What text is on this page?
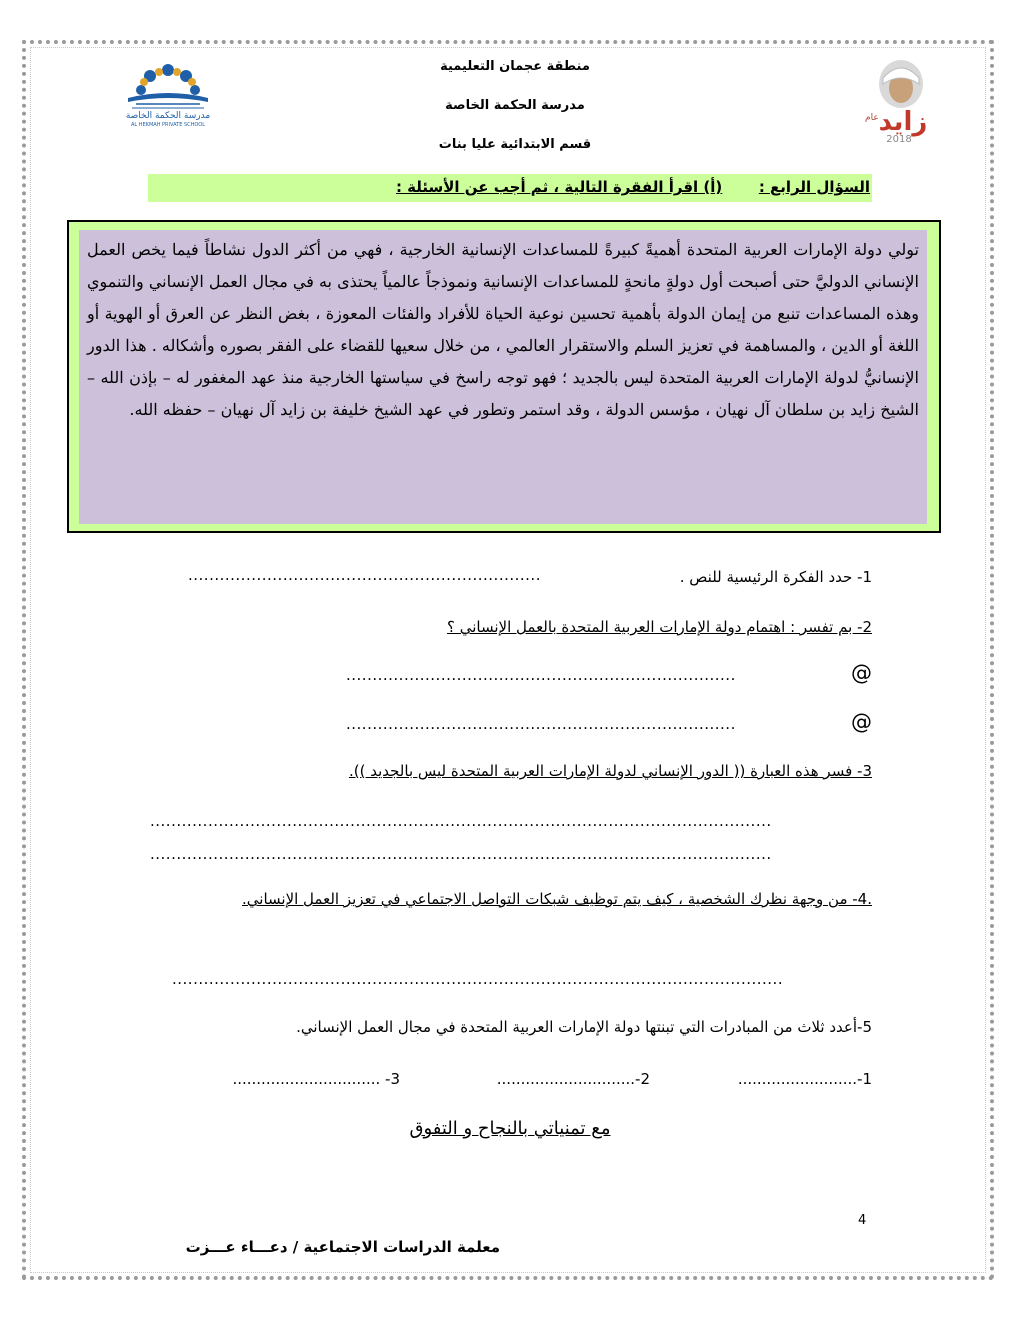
مدرسة الحكمة الخاصة
AL HEKMAH PRIVATE SCHOOL
عام زايد
2018
منطقة عجمان التعليمية
مدرسة الحكمة الخاصة
قسم الابتدائية عليا بنات
السؤال الرابع :       (أ) اقرأ الفقرة التالية ، ثم أجب عن الأسئلة :

تولي دولة الإمارات العربية المتحدة أهميةً كبيرةً للمساعدات الإنسانية الخارجية ، فهي من أكثر الدول نشاطاً فيما يخص العمل الإنساني الدوليَّ حتى أصبحت أول دولةٍ مانحةٍ للمساعدات الإنسانية ونموذجاً عالمياً يحتذى به في مجال العمل الإنساني والتنموي وهذه المساعدات تنبع من إيمان الدولة بأهمية تحسين نوعية الحياة للأفراد والفئات المعوزة ، بغض النظر عن العرق أو الهوية أو اللغة أو الدين ، والمساهمة في تعزيز السلم والاستقرار العالمي ، من خلال سعيها للقضاء على الفقر بصوره وأشكاله . هذا الدور الإنسانيُّ لدولة الإمارات العربية المتحدة ليس بالجديد ؛ فهو توجه راسخ في سياستها الخارجية منذ عهد المغفور له – بإذن الله – الشيخ زايد بن سلطان آل نهيان ، مؤسس الدولة ، وقد استمر وتطور في عهد الشيخ خليفة بن زايد آل نهيان – حفظه الله.

1- حدد الفكرة الرئيسية للنص .
...................................................................
2- بم تفسر : اهتمام دولة الإمارات العربية المتحدة بالعمل الإنساني ؟
@
..........................................................................
@
..........................................................................
3- فسر هذه العبارة (( الدور الإنساني لدولة الإمارات العربية المتحدة ليس بالجديد )).
......................................................................................................................
......................................................................................................................
.4- من وجهة نظرك الشخصية ، كيف يتم توظيف شبكات التواصل الاجتماعي في تعزيز العمل الإنساني.
....................................................................................................................
5-أعدد ثلاث من المبادرات التي تبنتها دولة الإمارات العربية المتحدة في مجال العمل الإنساني.
1-.........................
2-.............................
3- ...............................
مع تمنياتي بالنجاح و التفوق
4
معلمة الدراسات الاجتماعية / دعـــاء عـــزت
